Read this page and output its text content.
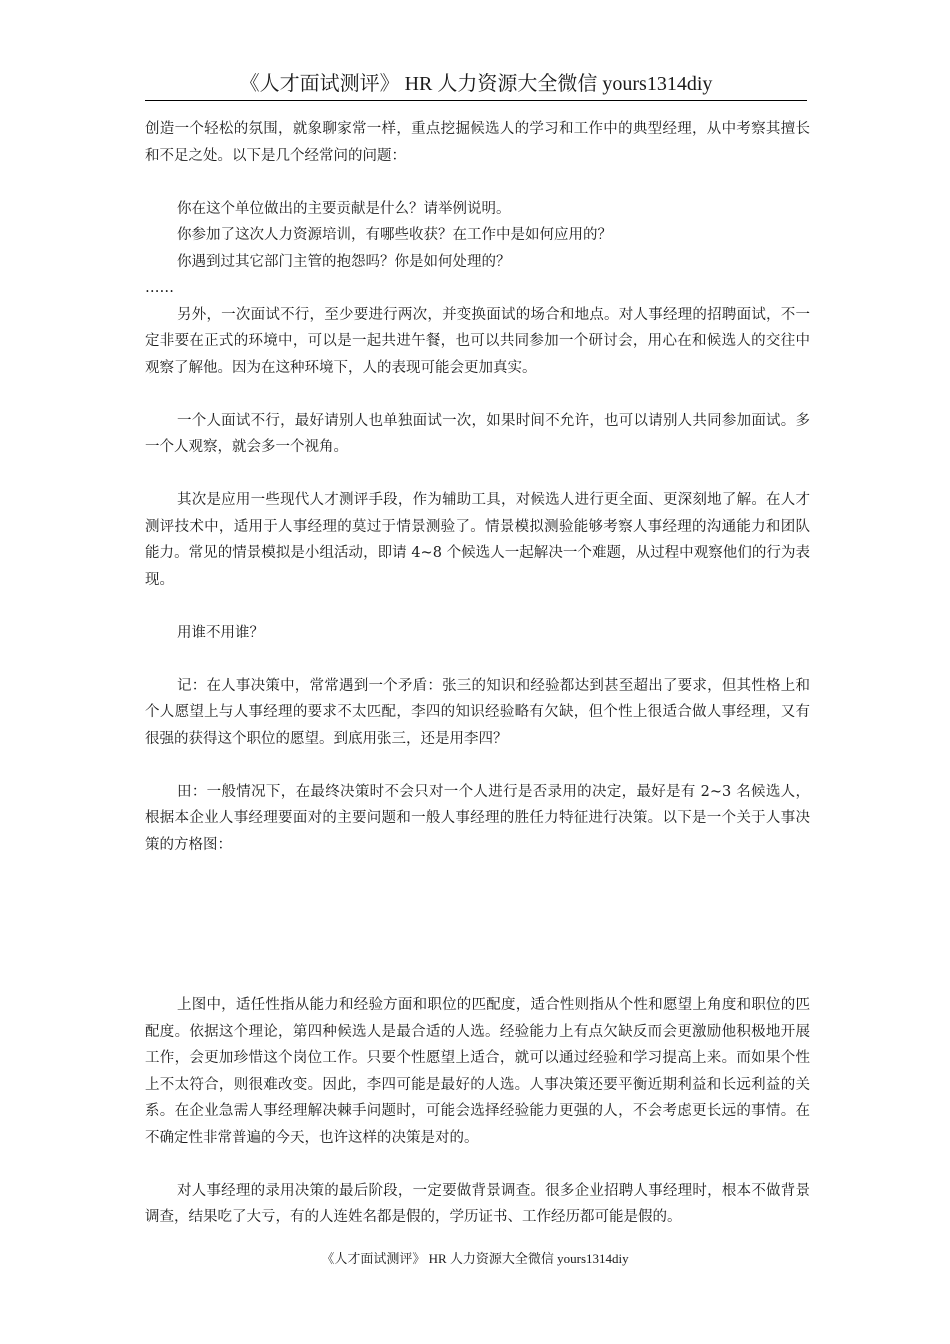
《人才面试测评》 HR 人力资源大全微信 yours1314diy

创造一个轻松的氛围，就象聊家常一样，重点挖掘候选人的学习和工作中的典型经理，从中考察其擅长和不足之处。以下是几个经常问的问题：

你在这个单位做出的主要贡献是什么？请举例说明。

你参加了这次人力资源培训，有哪些收获？在工作中是如何应用的？

你遇到过其它部门主管的抱怨吗？你是如何处理的？

……

另外，一次面试不行，至少要进行两次，并变换面试的场合和地点。对人事经理的招聘面试，不一定非要在正式的环境中，可以是一起共进午餐，也可以共同参加一个研讨会，用心在和候选人的交往中观察了解他。因为在这种环境下，人的表现可能会更加真实。

一个人面试不行，最好请别人也单独面试一次，如果时间不允许，也可以请别人共同参加面试。多一个人观察，就会多一个视角。

其次是应用一些现代人才测评手段，作为辅助工具，对候选人进行更全面、更深刻地了解。在人才测评技术中，适用于人事经理的莫过于情景测验了。情景模拟测验能够考察人事经理的沟通能力和团队能力。常见的情景模拟是小组活动，即请 4~8 个候选人一起解决一个难题，从过程中观察他们的行为表现。

用谁不用谁？

记：在人事决策中，常常遇到一个矛盾：张三的知识和经验都达到甚至超出了要求，但其性格上和个人愿望上与人事经理的要求不太匹配，李四的知识经验略有欠缺，但个性上很适合做人事经理，又有很强的获得这个职位的愿望。到底用张三，还是用李四？

田：一般情况下，在最终决策时不会只对一个人进行是否录用的决定，最好是有 2~3 名候选人，根据本企业人事经理要面对的主要问题和一般人事经理的胜任力特征进行决策。以下是一个关于人事决策的方格图：

上图中，适任性指从能力和经验方面和职位的匹配度，适合性则指从个性和愿望上角度和职位的匹配度。依据这个理论，第四种候选人是最合适的人选。经验能力上有点欠缺反而会更激励他积极地开展工作，会更加珍惜这个岗位工作。只要个性愿望上适合，就可以通过经验和学习提高上来。而如果个性上不太符合，则很难改变。因此，李四可能是最好的人选。人事决策还要平衡近期利益和长远利益的关系。在企业急需人事经理解决棘手问题时，可能会选择经验能力更强的人，不会考虑更长远的事情。在不确定性非常普遍的今天，也许这样的决策是对的。

对人事经理的录用决策的最后阶段，一定要做背景调查。很多企业招聘人事经理时，根本不做背景调查，结果吃了大亏，有的人连姓名都是假的，学历证书、工作经历都可能是假的。

《人才面试测评》 HR 人力资源大全微信 yours1314diy
